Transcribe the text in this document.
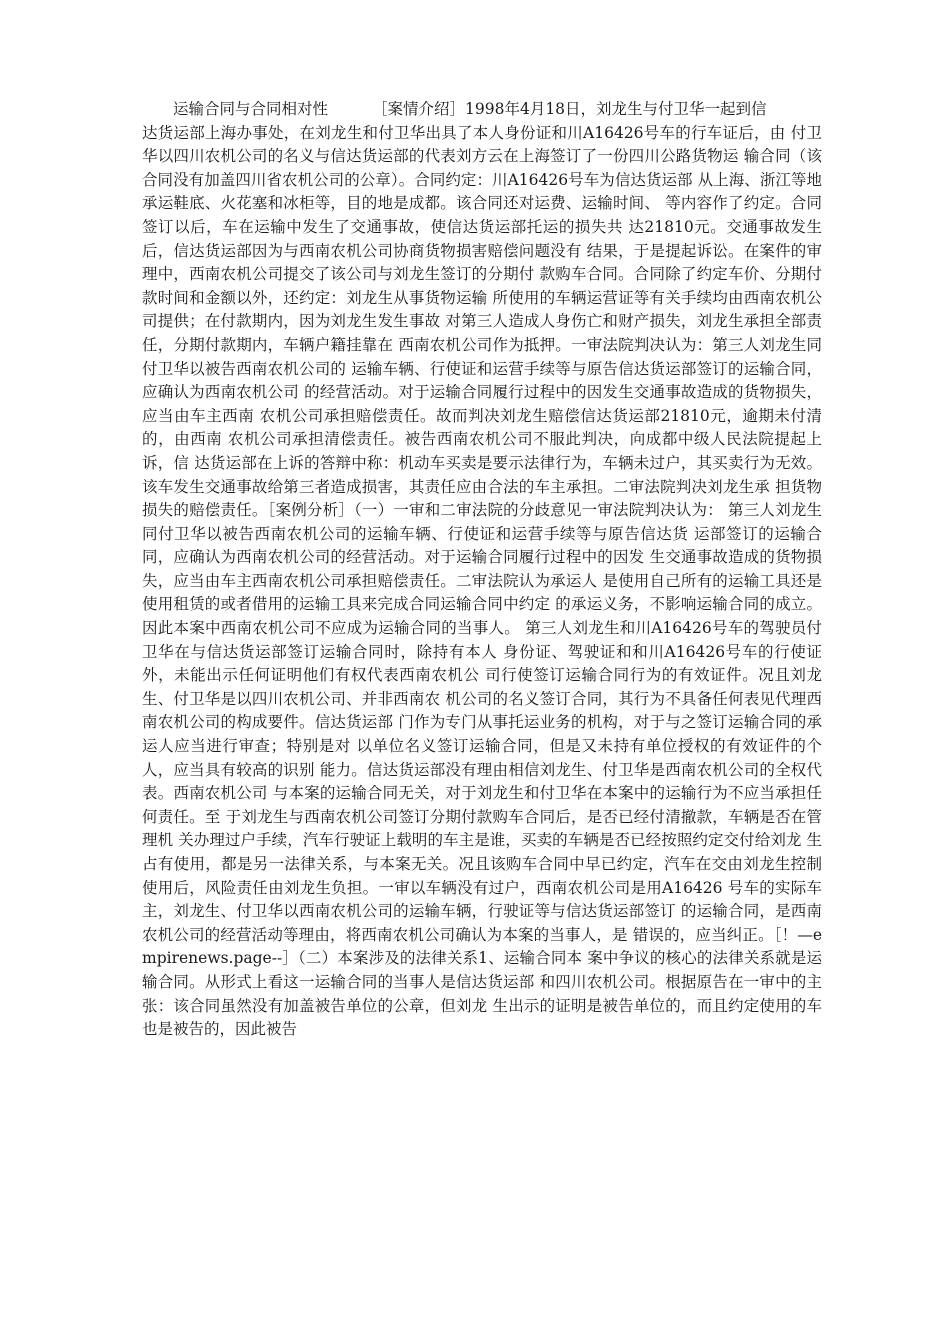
运输合同与合同相对性	［案情介绍］1998年4月18日，刘龙生与付卫华一起到信

达货运部上海办事处，在刘龙生和付卫华出具了本人身份证和川A16426号车的行车证后，由 付卫华以四川农机公司的名义与信达货运部的代表刘方云在上海签订了一份四川公路货物运 输合同（该合同没有加盖四川省农机公司的公章）。合同约定：川A16426号车为信达货运部 从上海、浙江等地承运鞋底、火花塞和冰柜等，目的地是成都。该合同还对运费、运输时间、 等内容作了约定。合同签订以后，车在运输中发生了交通事故，使信达货运部托运的损失共 达21810元。交通事故发生后，信达货运部因为与西南农机公司协商货物损害赔偿问题没有 结果，于是提起诉讼。在案件的审理中，西南农机公司提交了该公司与刘龙生签订的分期付 款购车合同。合同除了约定车价、分期付款时间和金额以外，还约定：刘龙生从事货物运输 所使用的车辆运营证等有关手续均由西南农机公司提供；在付款期内，因为刘龙生发生事故 对第三人造成人身伤亡和财产损失，刘龙生承担全部责任，分期付款期内，车辆户籍挂靠在 西南农机公司作为抵押。一审法院判决认为：第三人刘龙生同付卫华以被告西南农机公司的 运输车辆、行使证和运营手续等与原告信达货运部签订的运输合同，应确认为西南农机公司 的经营活动。对于运输合同履行过程中的因发生交通事故造成的货物损失，应当由车主西南 农机公司承担赔偿责任。故而判决刘龙生赔偿信达货运部21810元，逾期未付清的，由西南 农机公司承担清偿责任。被告西南农机公司不服此判决，向成都中级人民法院提起上诉，信 达货运部在上诉的答辩中称：机动车买卖是要示法律行为，车辆未过户，其买卖行为无效。 该车发生交通事故给第三者造成损害，其责任应由合法的车主承担。二审法院判决刘龙生承 担货物损失的赔偿责任。［案例分析］（一）一审和二审法院的分歧意见一审法院判决认为： 第三人刘龙生同付卫华以被告西南农机公司的运输车辆、行使证和运营手续等与原告信达货 运部签订的运输合同，应确认为西南农机公司的经营活动。对于运输合同履行过程中的因发 生交通事故造成的货物损失，应当由车主西南农机公司承担赔偿责任。二审法院认为承运人 是使用自己所有的运输工具还是使用租赁的或者借用的运输工具来完成合同运输合同中约定 的承运义务，不影响运输合同的成立。因此本案中西南农机公司不应成为运输合同的当事人。 第三人刘龙生和川A16426号车的驾驶员付卫华在与信达货运部签订运输合同时，除持有本人 身份证、驾驶证和和川A16426号车的行使证外，未能出示任何证明他们有权代表西南农机公 司行使签订运输合同行为的有效证件。况且刘龙生、付卫华是以四川农机公司、并非西南农 机公司的名义签订合同，其行为不具备任何表见代理西南农机公司的构成要件。信达货运部 门作为专门从事托运业务的机构，对于与之签订运输合同的承运人应当进行审查；特别是对 以单位名义签订运输合同，但是又未持有单位授权的有效证件的个人，应当具有较高的识别 能力。信达货运部没有理由相信刘龙生、付卫华是西南农机公司的全权代表。西南农机公司 与本案的运输合同无关，对于刘龙生和付卫华在本案中的运输行为不应当承担任何责任。至 于刘龙生与西南农机公司签订分期付款购车合同后，是否已经付清撤款，车辆是否在管理机 关办理过户手续，汽车行驶证上载明的车主是谁，买卖的车辆是否已经按照约定交付给刘龙 生占有使用，都是另一法律关系，与本案无关。况且该购车合同中早已约定，汽车在交由刘龙生控制使用后，风险责任由刘龙生负担。一审以车辆没有过户，西南农机公司是用A16426 号车的实际车主，刘龙生、付卫华以西南农机公司的运输车辆，行驶证等与信达货运部签订 的运输合同，是西南农机公司的经营活动等理由，将西南农机公司确认为本案的当事人，是 错误的，应当纠正。［！—empirenews.page--］（二）本案涉及的法律关系1、运输合同本 案中争议的核心的法律关系就是运输合同。从形式上看这一运输合同的当事人是信达货运部 和四川农机公司。根据原告在一审中的主张：该合同虽然没有加盖被告单位的公章，但刘龙 生出示的证明是被告单位的，而且约定使用的车也是被告的，因此被告
